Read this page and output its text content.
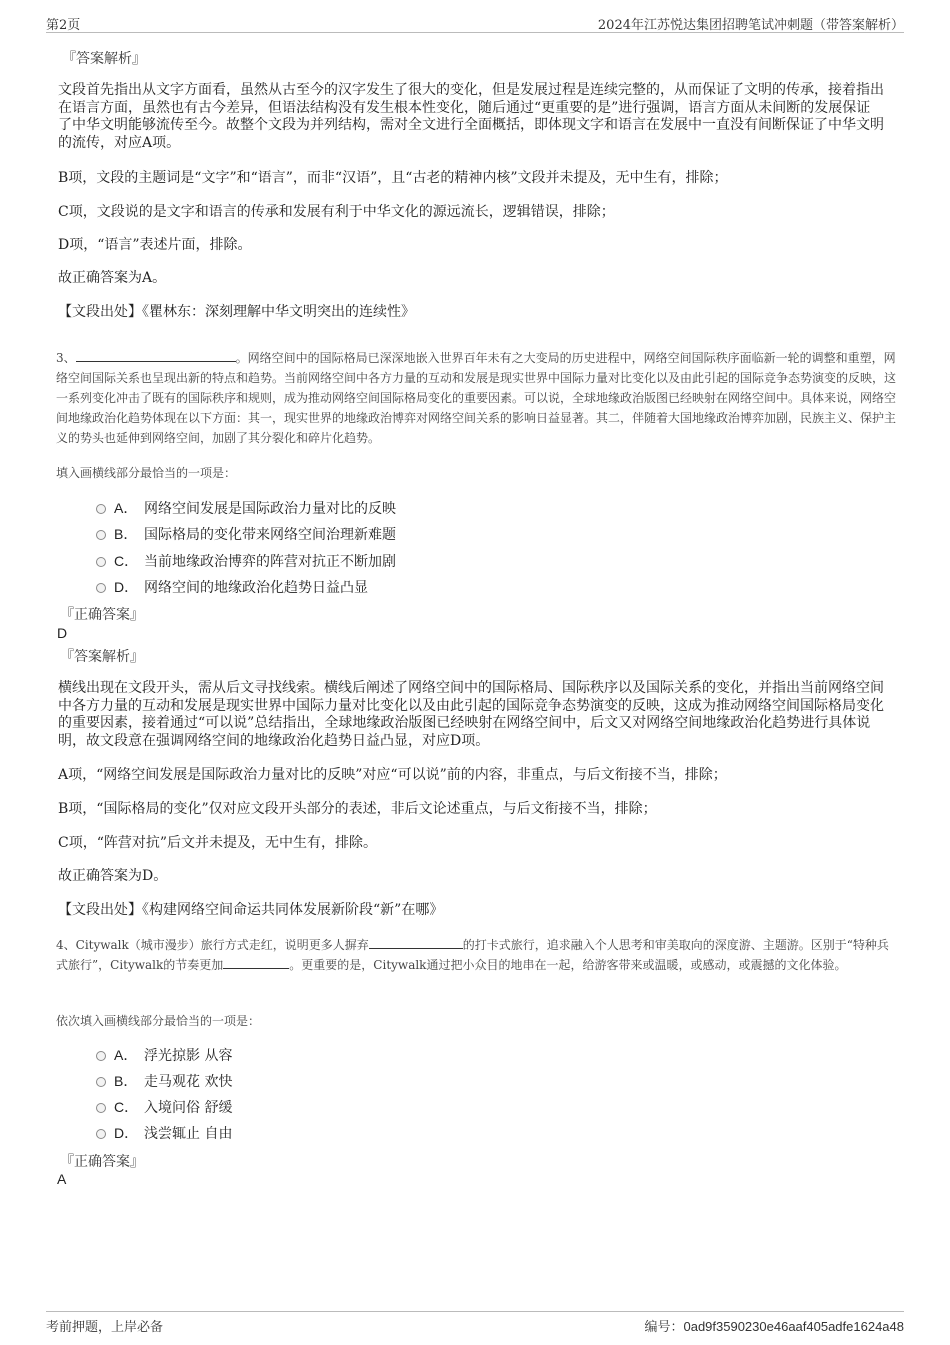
第2页	2024年江苏悦达集团招聘笔试冲刺题（带答案解析）
『答案解析』
文段首先指出从文字方面看，虽然从古至今的汉字发生了很大的变化，但是发展过程是连续完整的，从而保证了文明的传承，接着指出在语言方面，虽然也有古今差异，但语法结构没有发生根本性变化，随后通过“更重要的是”进行强调，语言方面从未间断的发展保证了中华文明能够流传至今。故整个文段为并列结构，需对全文进行全面概括，即体现文字和语言在发展中一直没有间断保证了中华文明的流传，对应A项。
B项，文段的主题词是“文字”和“语言”，而非“汉语”，且“古老的精神内核”文段并未提及，无中生有，排除；
C项，文段说的是文字和语言的传承和发展有利于中华文化的源远流长，逻辑错误，排除；
D项，“语言”表述片面，排除。
故正确答案为A。
【文段出处】《瞿林东：深刻理解中华文明突出的连续性》
3、	。网络空间中的国际格局已深深地嵌入世界百年未有之大变局的历史进程中，网络空间国际秩序面临新一轮的调整和重塑，网络空间国际关系也呈现出新的特点和趋势。当前网络空间中各方力量的互动和发展是现实世界中国际力量对比变化以及由此引起的国际竞争态势演变的反映，这一系列变化冲击了既有的国际秩序和规则，成为推动网络空间国际格局变化的重要因素。可以说，全球地缘政治版图已经映射在网络空间中。具体来说，网络空间地缘政治化趋势体现在以下方面：其一，现实世界的地缘政治博弈对网络空间关系的影响日益显著。其二，伴随着大国地缘政治博弈加剧，民族主义、保护主义的势头也延伸到网络空间，加剧了其分裂化和碎片化趋势。
填入画横线部分最恰当的一项是：
A． 网络空间发展是国际政治力量对比的反映
B． 国际格局的变化带来网络空间治理新难题
C． 当前地缘政治博弈的阵营对抗正不断加剧
D． 网络空间的地缘政治化趋势日益凸显
『正确答案』
D
『答案解析』
横线出现在文段开头，需从后文寻找线索。横线后阐述了网络空间中的国际格局、国际秩序以及国际关系的变化，并指出当前网络空间中各方力量的互动和发展是现实世界中国际力量对比变化以及由此引起的国际竞争态势演变的反映，这成为推动网络空间国际格局变化的重要因素，接着通过“可以说”总结指出，全球地缘政治版图已经映射在网络空间中，后文又对网络空间地缘政治化趋势进行具体说明，故文段意在强调网络空间的地缘政治化趋势日益凸显，对应D项。
A项，“网络空间发展是国际政治力量对比的反映”对应“可以说”前的内容，非重点，与后文衔接不当，排除；
B项，“国际格局的变化”仅对应文段开头部分的表述，非后文论述重点，与后文衔接不当，排除；
C项，“阵营对抗”后文并未提及，无中生有，排除。
故正确答案为D。
【文段出处】《构建网络空间命运共同体发展新阶段“新”在哪》
4、Citywalk（城市漫步）旅行方式走红，说明更多人摒弃	的打卡式旅行，追求融入个人思考和审美取向的深度游、主题游。区别于“特种兵式旅行”，Citywalk的节奏更加	。更重要的是，Citywalk通过把小众目的地串在一起，给游客带来或温暖，或感动，或震撼的文化体验。
依次填入画横线部分最恰当的一项是：
A． 浮光掠影 从容
B． 走马观花 欢快
C． 入境问俗 舒缓
D． 浅尝辄止 自由
『正确答案』
A
考前押题，上岸必备	编号：0ad9f3590230e46aaf405adfe1624a48
